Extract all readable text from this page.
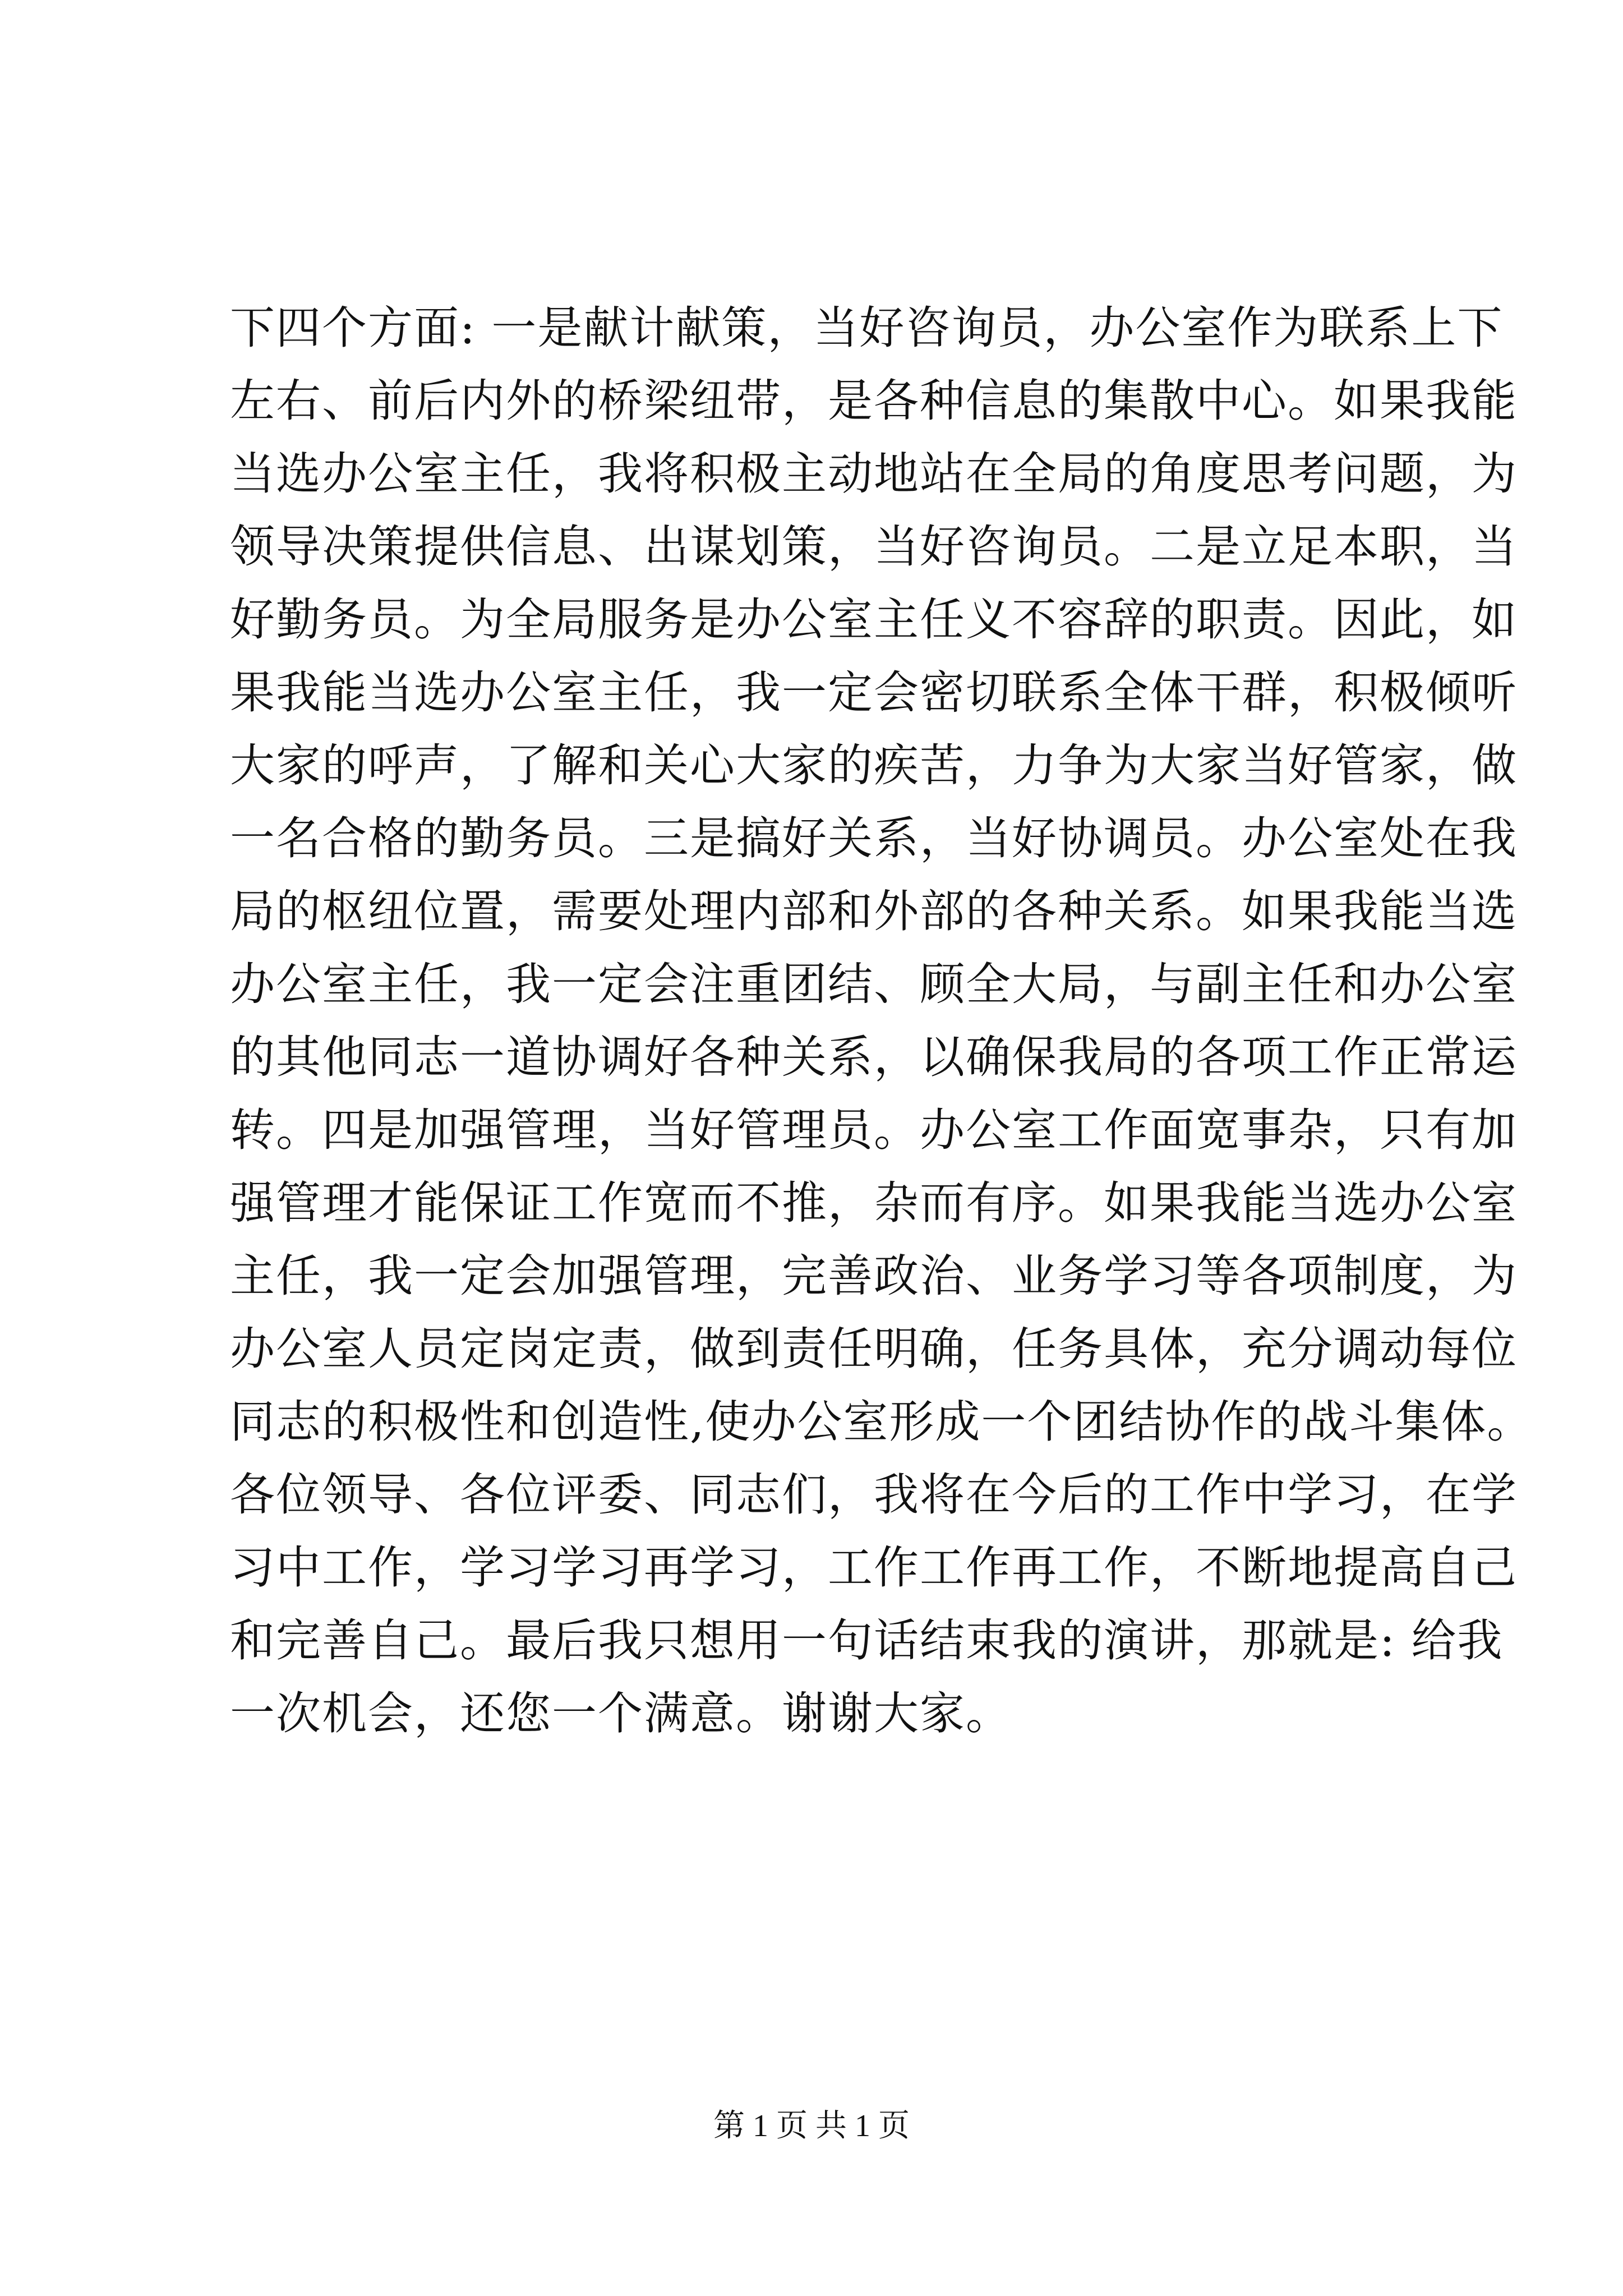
下四个方面: 一是献计献策，当好咨询员，办公室作为联系上下
左右、前后内外的桥梁纽带，是各种信息的集散中心。如果我能
当选办公室主任，我将积极主动地站在全局的角度思考问题，为
领导决策提供信息、出谋划策，当好咨询员。二是立足本职，当
好勤务员。为全局服务是办公室主任义不容辞的职责。因此，如
果我能当选办公室主任，我一定会密切联系全体干群，积极倾听
大家的呼声，了解和关心大家的疾苦，力争为大家当好管家，做
一名合格的勤务员。三是搞好关系，当好协调员。办公室处在我
局的枢纽位置，需要处理内部和外部的各种关系。如果我能当选
办公室主任，我一定会注重团结、顾全大局，与副主任和办公室
的其他同志一道协调好各种关系，以确保我局的各项工作正常运
转。四是加强管理，当好管理员。办公室工作面宽事杂，只有加
强管理才能保证工作宽而不推，杂而有序。如果我能当选办公室
主任，我一定会加强管理，完善政治、业务学习等各项制度，为
办公室人员定岗定责，做到责任明确，任务具体，充分调动每位
同志的积极性和创造性,使办公室形成一个团结协作的战斗集体。
各位领导、各位评委、同志们，我将在今后的工作中学习，在学
习中工作，学习学习再学习，工作工作再工作，不断地提高自己
和完善自己。最后我只想用一句话结束我的演讲，那就是: 给我
一次机会，还您一个满意。谢谢大家。
第 1 页 共 1 页
